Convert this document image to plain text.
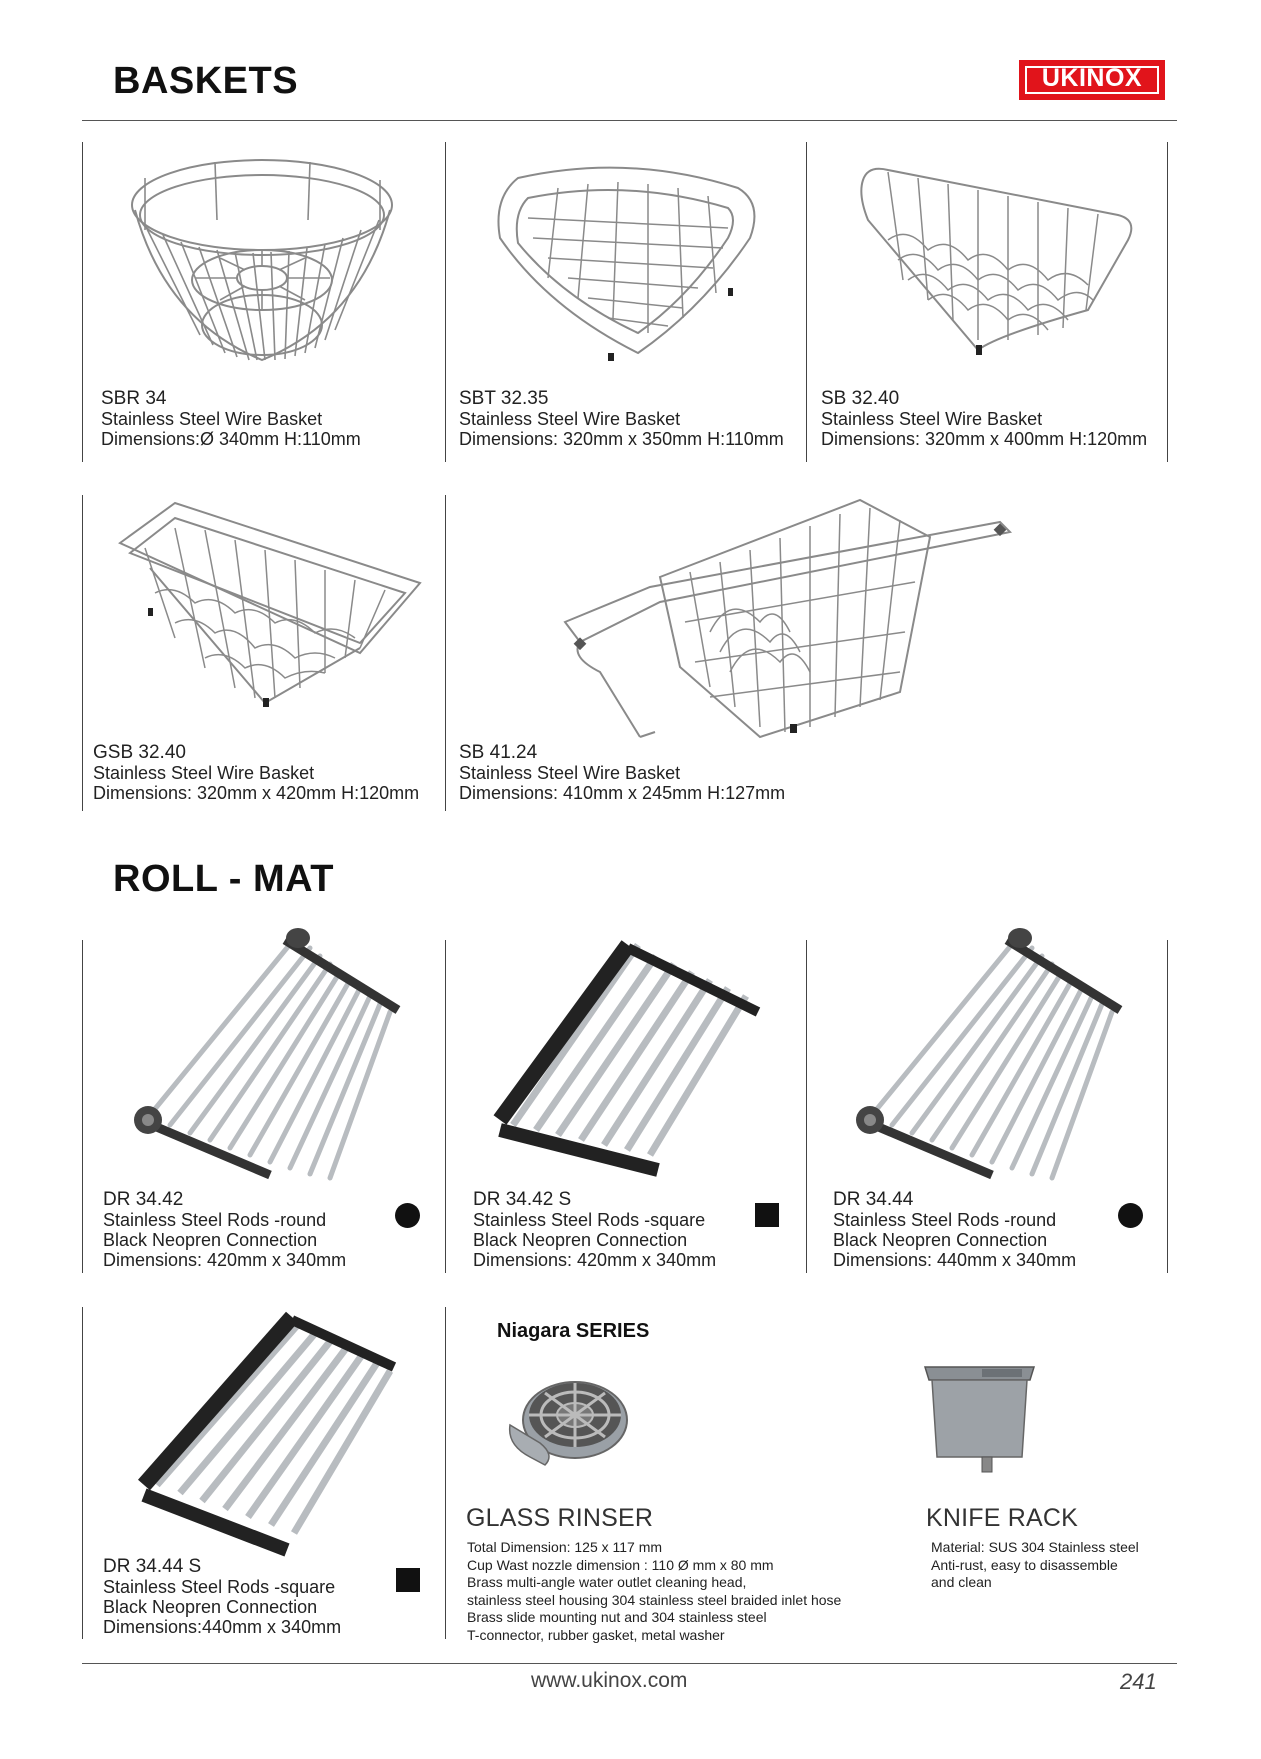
BASKETS	UKINOX
SBR 34
Stainless Steel Wire Basket
Dimensions:Ø 340mm H:110mm
SBT 32.35
Stainless Steel Wire Basket
Dimensions: 320mm x 350mm H:110mm
SB 32.40
Stainless Steel Wire Basket
Dimensions: 320mm x 400mm H:120mm
GSB 32.40
Stainless Steel Wire Basket
Dimensions: 320mm x 420mm H:120mm
SB 41.24
Stainless Steel Wire Basket
Dimensions: 410mm x 245mm H:127mm
ROLL - MAT
DR 34.42
Stainless Steel Rods -round
Black Neopren Connection
Dimensions: 420mm x 340mm
DR 34.42 S
Stainless Steel Rods -square
Black Neopren Connection
Dimensions: 420mm x 340mm
DR 34.44
Stainless Steel Rods -round
Black Neopren Connection
Dimensions: 440mm x 340mm
DR 34.44 S
Stainless Steel Rods -square
Black Neopren Connection
Dimensions:440mm x 340mm
Niagara SERIES
GLASS RINSER
Total Dimension: 125 x 117 mm
Cup Wast nozzle dimension : 110 Ø mm x 80 mm
Brass multi-angle water outlet cleaning head,
stainless steel housing 304 stainless steel braided inlet hose
Brass slide mounting nut and 304 stainless steel
T-connector, rubber gasket, metal washer
KNIFE RACK
Material: SUS 304 Stainless steel
Anti-rust, easy to disassemble
and clean
www.ukinox.com	241
